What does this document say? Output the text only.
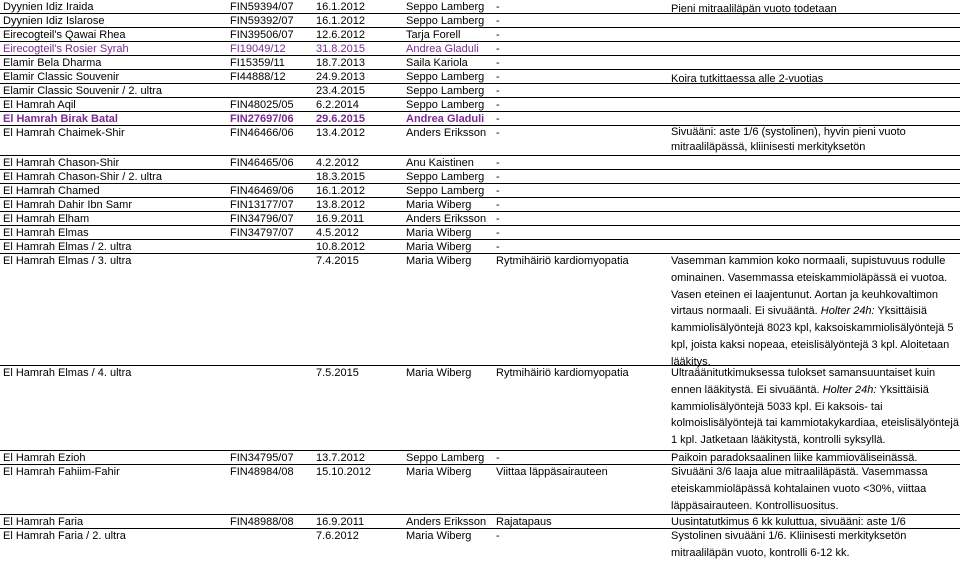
Dyynien Idiz Iraida	FIN59394/07 16.1.2012	Seppo Lamberg -	Pieni mitraaliläpän vuoto todetaan
Dyynien Idiz Islarose	FIN59392/07 16.1.2012	Seppo Lamberg -
Eirecogteil's Qawai Rhea	FIN39506/07 12.6.2012	Tarja Forell	-
Eirecogteil's Rosier Syrah	FI19049/12	31.8.2015	Andrea Gladuli -
Elamir Bela Dharma	FI15359/11	18.7.2013	Saila Kariola	-
Elamir Classic Souvenir	FI44888/12	24.9.2013	Seppo Lamberg -	Koira tutkittaessa alle 2-vuotias
Elamir Classic Souvenir / 2. ultra	23.4.2015	Seppo Lamberg -
El Hamrah Aqil	FIN48025/05 6.2.2014	Seppo Lamberg -
El Hamrah Birak Batal	FIN27697/06 29.6.2015	Andrea Gladuli -
El Hamrah Chaimek-Shir	FIN46466/06 13.4.2012	Anders Eriksson -	Sivuääni: aste 1/6 (systolinen), hyvin pieni vuoto mitraaliläpässä, kliinisesti merkityksetön
El Hamrah Chason-Shir	FIN46465/06 4.2.2012	Anu Kaistinen -
El Hamrah Chason-Shir / 2. ultra	18.3.2015	Seppo Lamberg -
El Hamrah Chamed	FIN46469/06 16.1.2012	Seppo Lamberg -
El Hamrah Dahir Ibn Samr	FIN13177/07 13.8.2012	Maria Wiberg -
El Hamrah Elham	FIN34796/07 16.9.2011	Anders Eriksson -
El Hamrah Elmas	FIN34797/07 4.5.2012	Maria Wiberg -
El Hamrah Elmas / 2. ultra	10.8.2012	Maria Wiberg -
El Hamrah Elmas / 3. ultra	7.4.2015	Maria Wiberg Rytmihäiriö kardiomyopatia	Vasemman kammion koko normaali, supistuvuus rodulle ominainen. Vasemmassa eteiskammioläpässä ei vuotoa. Vasen eteinen ei laajentunut. Aortan ja keuhkovaltimon virtaus normaali. Ei sivuääntä. Holter 24h: Yksittäisiä kammiolisälyöntejä 8023 kpl, kaksoiskammiolisälyöntejä 5 kpl, joista kaksi nopeaa, eteislisälyöntejä 3 kpl. Aloitetaan lääkitys.
El Hamrah Elmas / 4. ultra	7.5.2015	Maria Wiberg Rytmihäiriö kardiomyopatia	Ultraäänitutkimuksessa tulokset samansuuntaiset kuin ennen lääkitystä. Ei sivuääntä. Holter 24h: Yksittäisiä kammiolisälyöntejä 5033 kpl. Ei kaksois- tai kolmoislisälyöntejä tai kammiotakykardiaa, eteislisälyöntejä 1 kpl. Jatketaan lääkitystä, kontrolli syksyllä.
El Hamrah Ezioh	FIN34795/07 13.7.2012	Seppo Lamberg -	Paikoin paradoksaalinen liike kammioväliseinässä.
El Hamrah Fahiim-Fahir	FIN48984/08 15.10.2012	Maria Wiberg Viittaa läppäsairauteen	Sivuääni 3/6 laaja alue mitraaliläpästä. Vasemmassa eteiskammioläpässä kohtalainen vuoto <30%, viittaa läppäsairauteen. Kontrollisuositus.
El Hamrah Faria	FIN48988/08 16.9.2011	Anders Eriksson Rajatapaus	Uusintatutkimus 6 kk kuluttua, sivuääni: aste 1/6
El Hamrah Faria / 2. ultra	7.6.2012	Maria Wiberg -	Systolinen sivuääni 1/6. Kliinisesti merkityksetön mitraaliläpän vuoto, kontrolli 6-12 kk.
